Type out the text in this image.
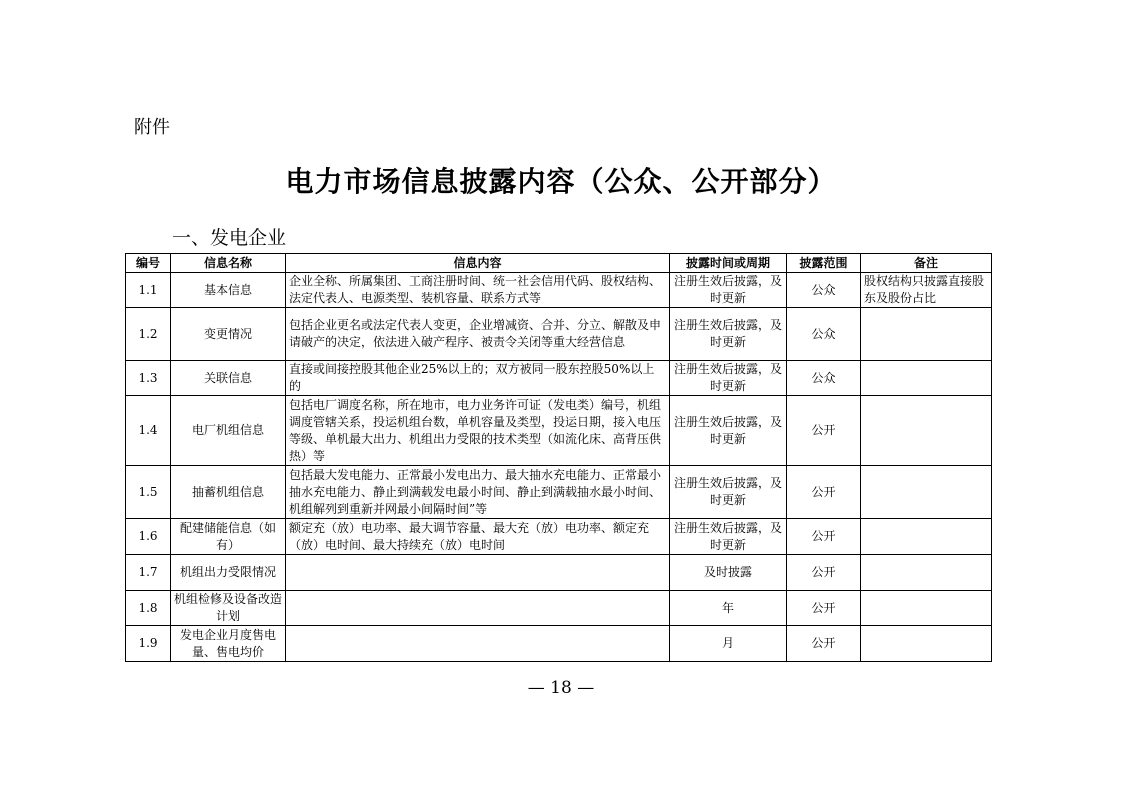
附件
电力市场信息披露内容（公众、公开部分）
一、发电企业
编号	信息名称	信息内容	披露时间或周期	披露范围	备注
1.1	基本信息	企业全称、所属集团、工商注册时间、统一社会信用代码、股权结构、法定代表人、电源类型、装机容量、联系方式等	注册生效后披露，及时更新	公众	股权结构只披露直接股东及股份占比
1.2	变更情况	包括企业更名或法定代表人变更，企业增减资、合并、分立、解散及申请破产的决定，依法进入破产程序、被责令关闭等重大经营信息	注册生效后披露，及时更新	公众	
1.3	关联信息	直接或间接控股其他企业25%以上的；双方被同一股东控股50%以上的	注册生效后披露，及时更新	公众	
1.4	电厂机组信息	包括电厂调度名称，所在地市，电力业务许可证（发电类）编号，机组调度管辖关系，投运机组台数，单机容量及类型，投运日期，接入电压等级、单机最大出力、机组出力受限的技术类型（如流化床、高背压供热）等	注册生效后披露，及时更新	公开	
1.5	抽蓄机组信息	包括最大发电能力、正常最小发电出力、最大抽水充电能力、正常最小抽水充电能力、静止到满载发电最小时间、静止到满载抽水最小时间、机组解列到重新并网最小间隔时间”等	注册生效后披露，及时更新	公开	
1.6	配建储能信息（如有）	额定充（放）电功率、最大调节容量、最大充（放）电功率、额定充（放）电时间、最大持续充（放）电时间	注册生效后披露，及时更新	公开	
1.7	机组出力受限情况		及时披露	公开	
1.8	机组检修及设备改造计划		年	公开	
1.9	发电企业月度售电量、售电均价		月	公开	
— 18 —
